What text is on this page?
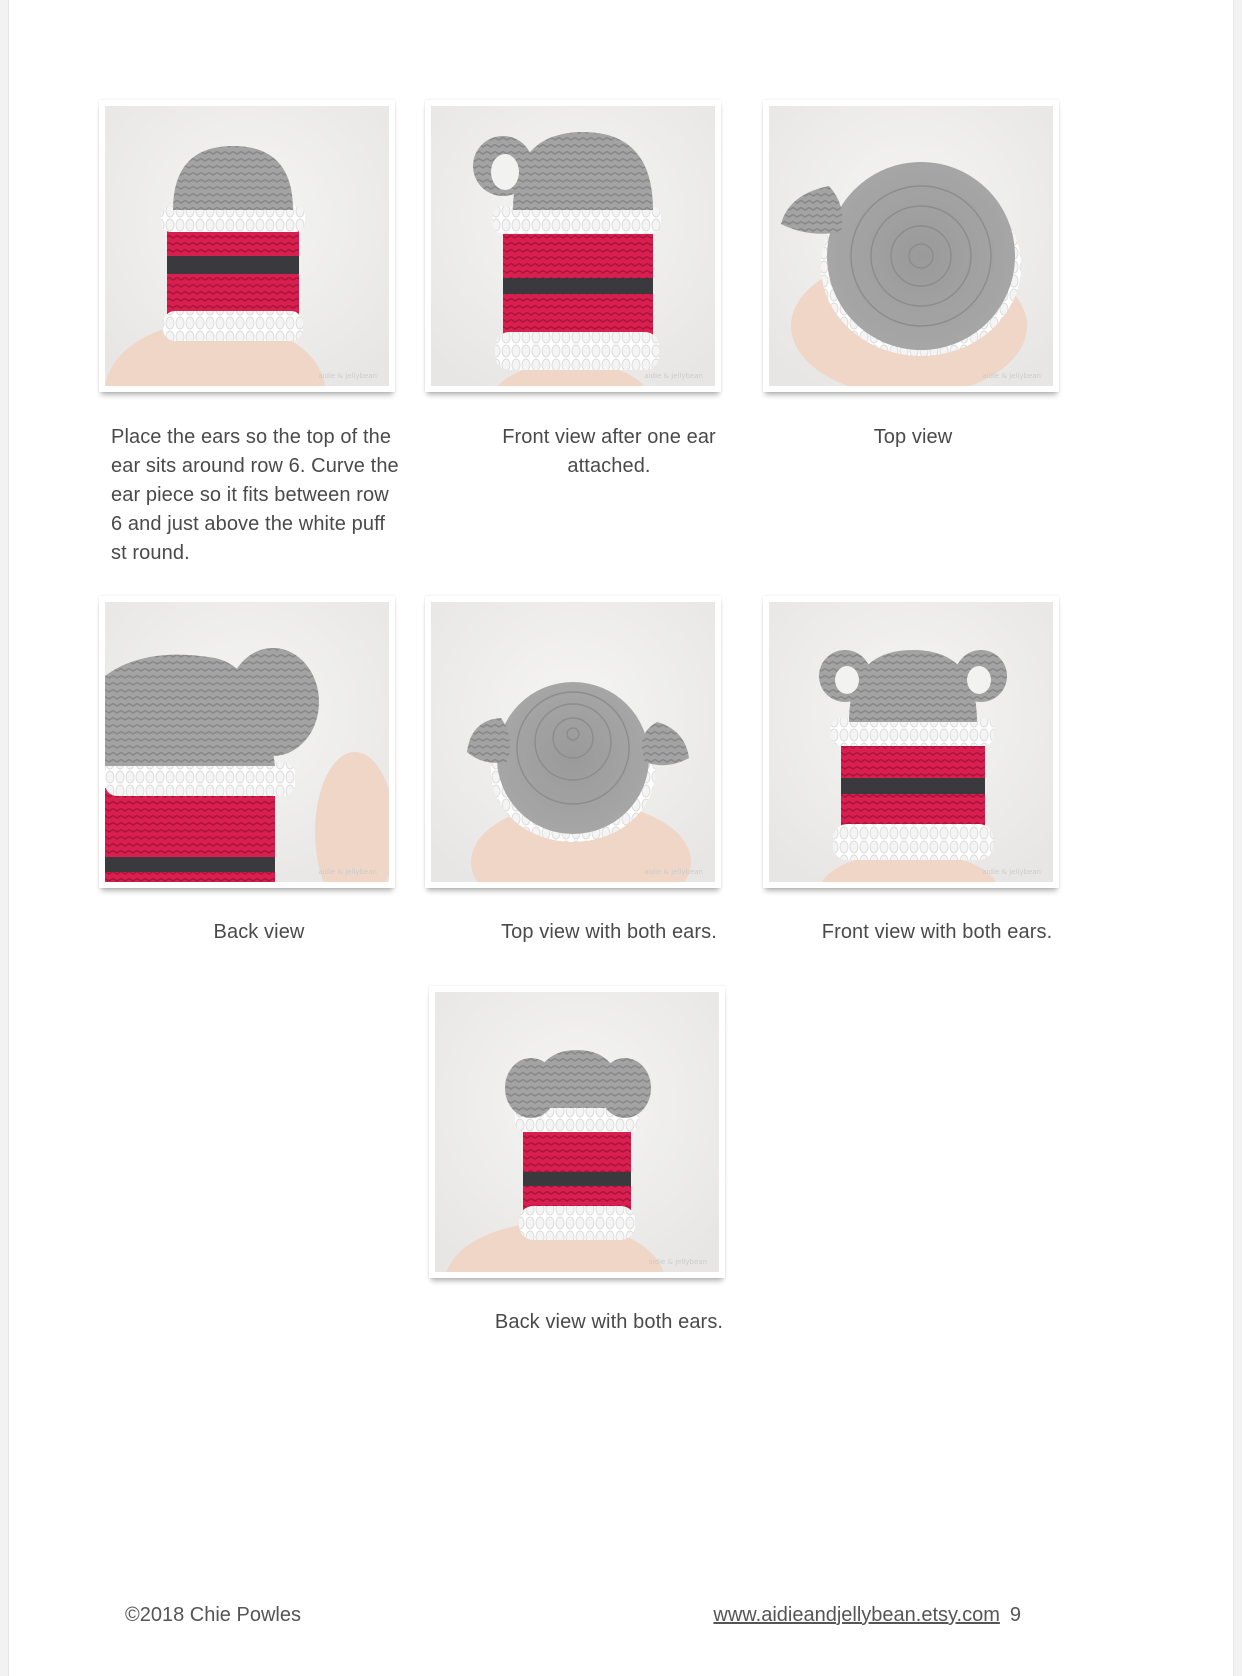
aidie & jellybean	aidie & jellybean	aidie & jellybean
Place the ears so the top of the ear sits around row 6. Curve the ear piece so it fits between row 6 and just above the white puff st round.
Front view after one ear attached.
Top view
aidie & jellybean	aidie & jellybean	aidie & jellybean
Back view	Top view with both ears.	Front view with both ears.
aidie & jellybean
Back view with both ears.
©2018 Chie Powles	www.aidieandjellybean.etsy.com 9
